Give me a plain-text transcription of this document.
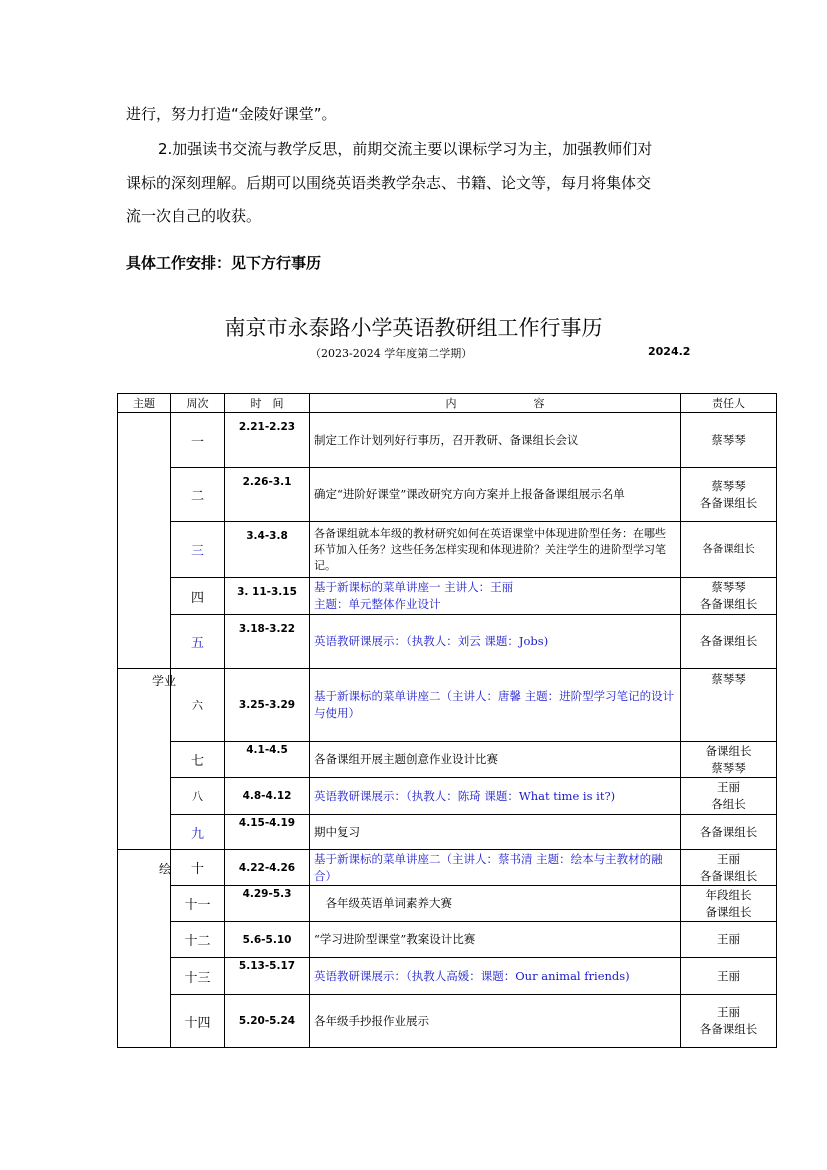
进行，努力打造“金陵好课堂”。
2.加强读书交流与教学反思，前期交流主要以课标学习为主，加强教师们对
课标的深刻理解。后期可以围绕英语类教学杂志、书籍、论文等，每月将集体交
流一次自己的收获。
具体工作安排：见下方行事历
南京市永泰路小学英语教研组工作行事历
（2023-2024 学年度第二学期）	2024.2
主题	周次	时　间	内　　　　　　　容	责任人
	一	2.21-2.23	制定工作计划列好行事历，召开教研、备课组长会议	蔡琴琴
	二	2.26-3.1	确定“进阶好课堂”课改研究方向方案并上报备备课组展示名单	蔡琴琴
各备课组长
	三	3.4-3.8	各备课组就本年级的教材研究如何在英语课堂中体现进阶型任务：在哪些环节加入任务？这些任务怎样实现和体现进阶？关注学生的进阶型学习笔记。	各备课组长
	四	3. 11-3.15	基于新课标的菜单讲座一 主讲人：王丽
主题：单元整体作业设计	蔡琴琴
各备课组长
	五	3.18-3.22	英语教研课展示：（执教人：刘云 课题：Jobs)	各备课组长

学业	六	3.25-3.29	基于新课标的菜单讲座二（主讲人：唐馨 主题：进阶型学习笔记的设计与使用）	蔡琴琴
	七	4.1-4.5	各备课组开展主题创意作业设计比赛	备课组长
蔡琴琴
	八	4.8-4.12	英语教研课展示：（执教人：陈琦 课题：What time is it?)	王丽
各组长
	九	4.15-4.19	期中复习	各备课组长

绘	十	4.22-4.26	基于新课标的菜单讲座二（主讲人：蔡书清 主题：绘本与主教材的融合）	王丽
各备课组长
	十一	4.29-5.3	　各年级英语单词素养大赛	年段组长
备课组长
	十二	5.6-5.10	“学习进阶型课堂”教案设计比赛	王丽
	十三	5.13-5.17	英语教研课展示：（执教人高媛：课题：Our animal friends)	王丽
	十四	5.20-5.24	各年级手抄报作业展示	王丽
各备课组长
